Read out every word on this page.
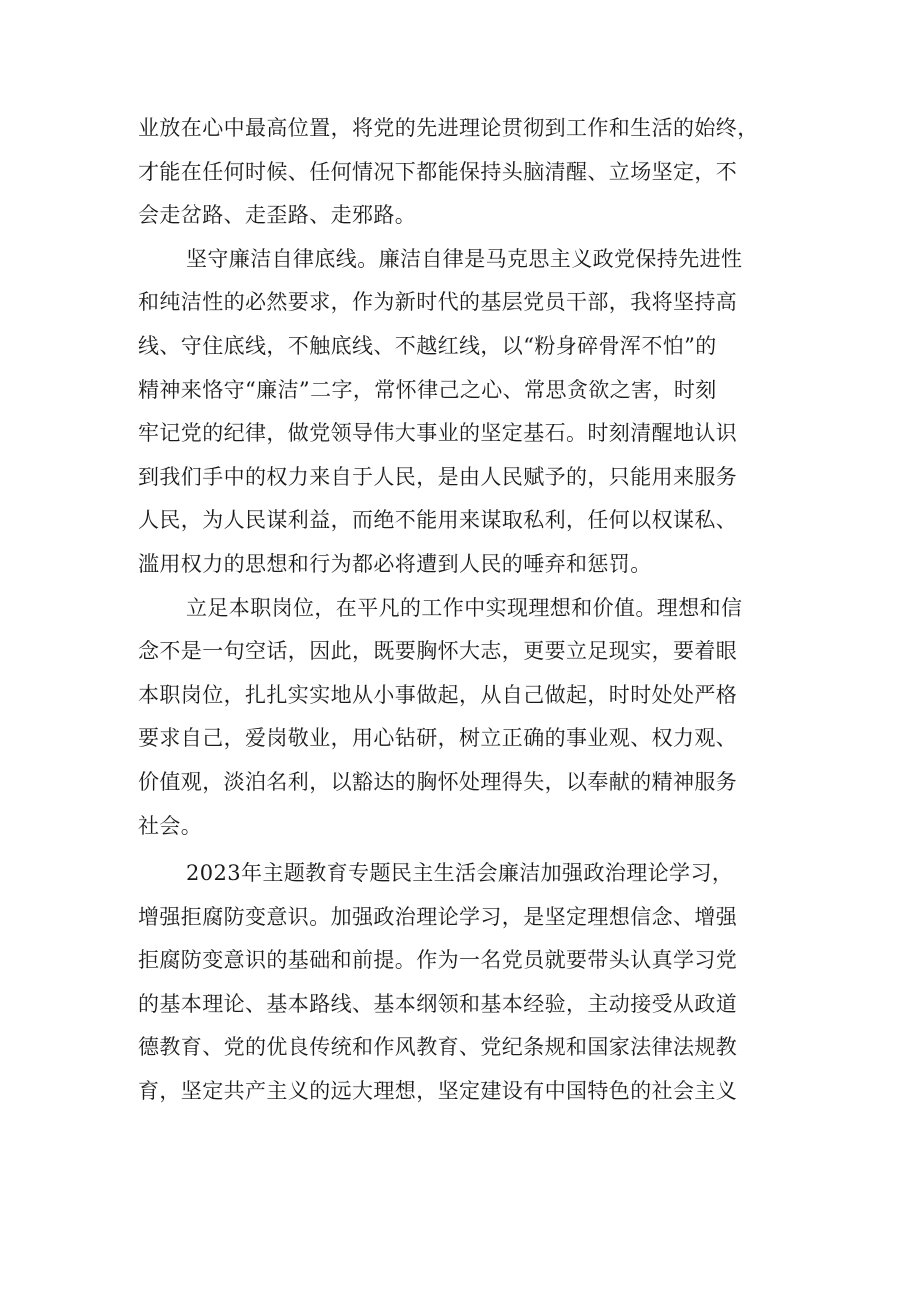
业放在心中最高位置，将党的先进理论贯彻到工作和生活的始终，
才能在任何时候、任何情况下都能保持头脑清醒、立场坚定，不
会走岔路、走歪路、走邪路。
坚守廉洁自律底线。廉洁自律是马克思主义政党保持先进性
和纯洁性的必然要求，作为新时代的基层党员干部，我将坚持高
线、守住底线，不触底线、不越红线，以“粉身碎骨浑不怕”的
精神来恪守“廉洁”二字，常怀律己之心、常思贪欲之害，时刻
牢记党的纪律，做党领导伟大事业的坚定基石。时刻清醒地认识
到我们手中的权力来自于人民，是由人民赋予的，只能用来服务
人民，为人民谋利益，而绝不能用来谋取私利，任何以权谋私、
滥用权力的思想和行为都必将遭到人民的唾弃和惩罚。
立足本职岗位，在平凡的工作中实现理想和价值。理想和信
念不是一句空话，因此，既要胸怀大志，更要立足现实，要着眼
本职岗位，扎扎实实地从小事做起，从自己做起，时时处处严格
要求自己，爱岗敬业，用心钻研，树立正确的事业观、权力观、
价值观，淡泊名利，以豁达的胸怀处理得失，以奉献的精神服务
社会。
2023年主题教育专题民主生活会廉洁加强政治理论学习，
增强拒腐防变意识。加强政治理论学习，是坚定理想信念、增强
拒腐防变意识的基础和前提。作为一名党员就要带头认真学习党
的基本理论、基本路线、基本纲领和基本经验，主动接受从政道
德教育、党的优良传统和作风教育、党纪条规和国家法律法规教
育，坚定共产主义的远大理想，坚定建设有中国特色的社会主义
